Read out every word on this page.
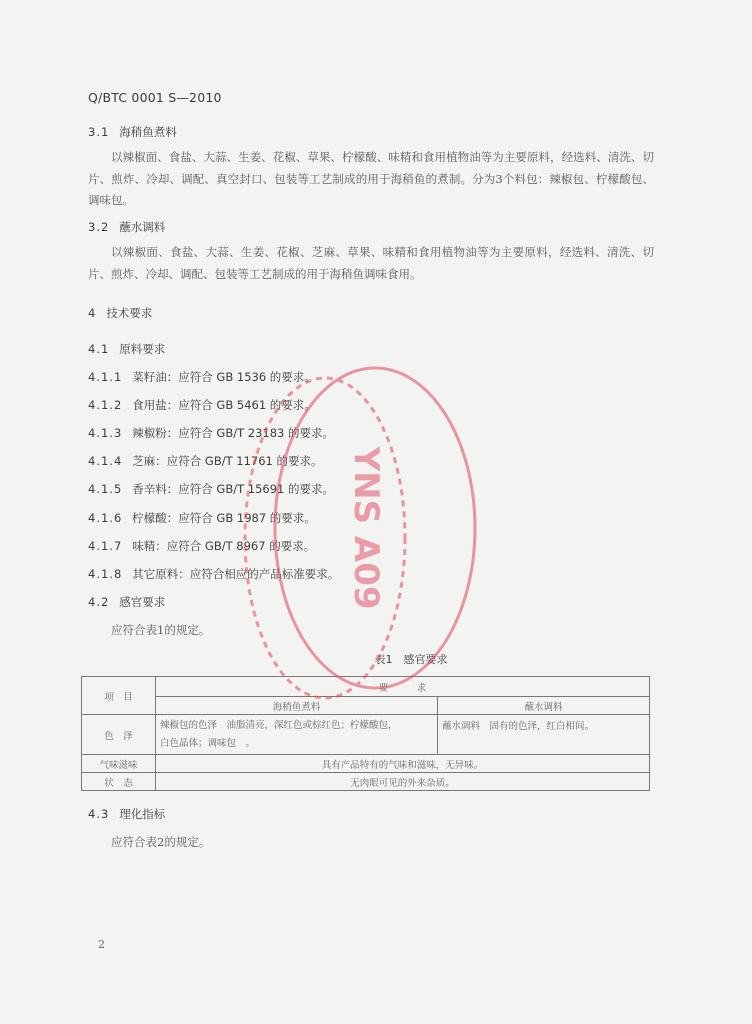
Q/BTC 0001 S—2010
3.1 海稍鱼煮料
以辣椒面、食盐、大蒜、生姜、花椒、草果、柠檬酸、味精和食用植物油等为主要原料，经选料、清洗、切片、煎炸、冷却、调配、真空封口、包装等工艺制成的用于海稍鱼的煮制。分为3个料包：辣椒包、柠檬酸包、调味包。
3.2 蘸水调料
以辣椒面、食盐、大蒜、生姜、花椒、芝麻、草果、味精和食用植物油等为主要原料，经选料、清洗、切片、煎炸、冷却、调配、包装等工艺制成的用于海稍鱼调味食用。
4 技术要求
4.1 原料要求
4.1.1 菜籽油：应符合 GB 1536 的要求。
4.1.2 食用盐：应符合 GB 5461 的要求。
4.1.3 辣椒粉：应符合 GB/T 23183 的要求。
4.1.4 芝麻：应符合 GB/T 11761 的要求。
4.1.5 香辛料：应符合 GB/T 15691 的要求。
4.1.6 柠檬酸：应符合 GB 1987 的要求。
4.1.7 味精：应符合 GB/T 8967 的要求。
4.1.8 其它原料：应符合相应的产品标准要求。
4.2 感官要求
应符合表1的规定。
表1　感官要求
项　目	要　　　求	
	海稍鱼煮料	蘸水调料
色　泽	辣椒包的色泽　油脂清亮，深红色或棕红色；柠檬酸包，
白色晶体；调味包　。	蘸水调料　固有的色泽，红白相间。
气味滋味	具有产品特有的气味和滋味，无异味。	
状　态	无肉眼可见的外来杂质。	
4.3 理化指标
应符合表2的规定。
2
YNS A09
